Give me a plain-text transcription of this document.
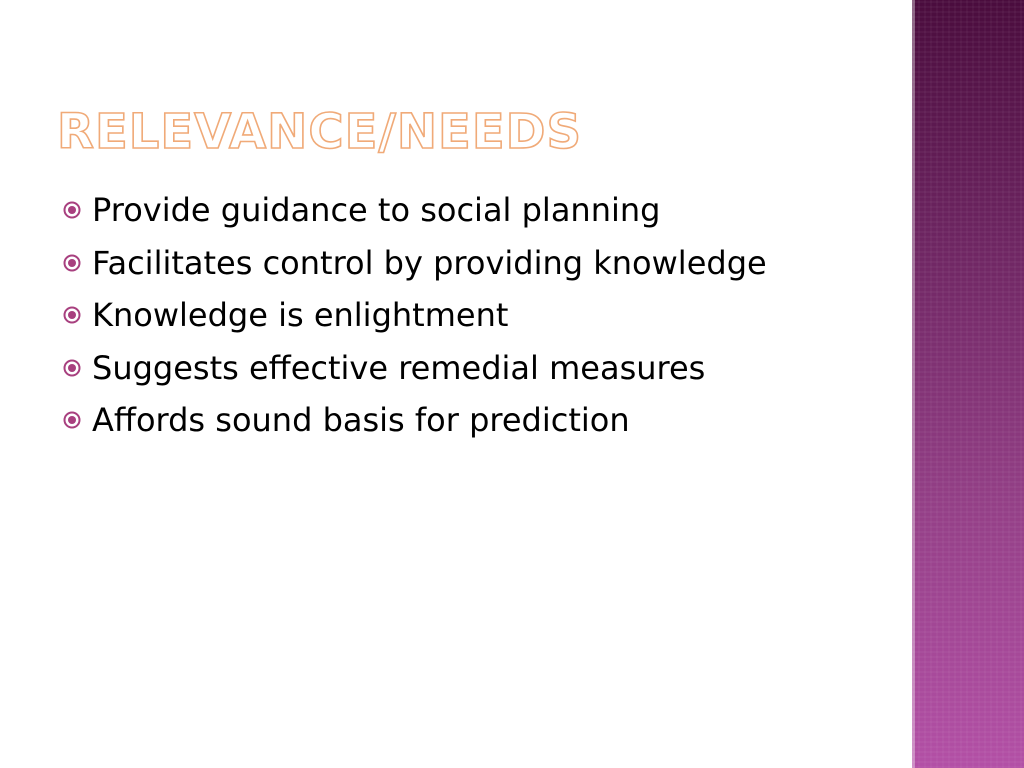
RELEVANCE/NEEDS
Provide guidance to social planning
Facilitates control by providing knowledge
Knowledge is enlightment
Suggests effective remedial measures
Affords sound basis for prediction
